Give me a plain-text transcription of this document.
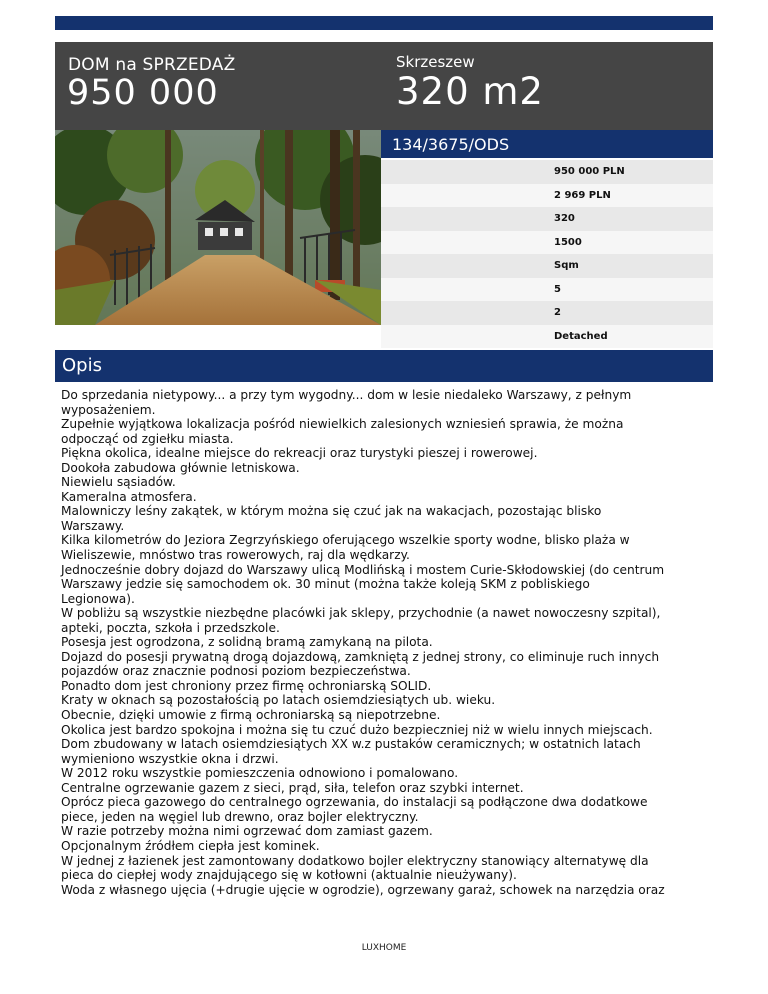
DOM na SPRZEDAŻ
950 000
Skrzeszew
320 m2
134/3675/ODS
950 000 PLN
2 969 PLN
320
1500
Sqm
5
2
Detached
Opis
Do sprzedania nietypowy... a przy tym wygodny... dom w lesie niedaleko Warszawy, z pełnym
wyposażeniem.
Zupełnie wyjątkowa lokalizacja pośród niewielkich zalesionych wzniesień sprawia, że można
odpocząć od zgiełku miasta.
Piękna okolica, idealne miejsce do rekreacji oraz turystyki pieszej i rowerowej.
Dookoła zabudowa głównie letniskowa.
Niewielu sąsiadów.
Kameralna atmosfera.
Malowniczy leśny zakątek, w którym można się czuć jak na wakacjach, pozostając blisko
Warszawy.
Kilka kilometrów do Jeziora Zegrzyńskiego oferującego wszelkie sporty wodne, blisko plaża w
Wieliszewie, mnóstwo tras rowerowych, raj dla wędkarzy.
Jednocześnie dobry dojazd do Warszawy ulicą Modlińską i mostem Curie-Skłodowskiej (do centrum
Warszawy jedzie się samochodem ok. 30 minut (można także koleją SKM z pobliskiego
Legionowa).
W pobliżu są wszystkie niezbędne placówki jak sklepy, przychodnie (a nawet nowoczesny szpital),
apteki, poczta, szkoła i przedszkole.
Posesja jest ogrodzona, z solidną bramą zamykaną na pilota.
Dojazd do posesji prywatną drogą dojazdową, zamkniętą z jednej strony, co eliminuje ruch innych
pojazdów oraz znacznie podnosi poziom bezpieczeństwa.
Ponadto dom jest chroniony przez firmę ochroniarską SOLID.
Kraty w oknach są pozostałością po latach osiemdziesiątych ub. wieku.
Obecnie, dzięki umowie z firmą ochroniarską są niepotrzebne.
Okolica jest bardzo spokojna i można się tu czuć dużo bezpieczniej niż w wielu innych miejscach.
Dom zbudowany w latach osiemdziesiątych XX w.z pustaków ceramicznych; w ostatnich latach
wymieniono wszystkie okna i drzwi.
W 2012 roku wszystkie pomieszczenia odnowiono i pomalowano.
Centralne ogrzewanie gazem z sieci, prąd, siła, telefon oraz szybki internet.
Oprócz pieca gazowego do centralnego ogrzewania, do instalacji są podłączone dwa dodatkowe
piece, jeden na węgiel lub drewno, oraz bojler elektryczny.
W razie potrzeby można nimi ogrzewać dom zamiast gazem.
Opcjonalnym źródłem ciepła jest kominek.
W jednej z łazienek jest zamontowany dodatkowo bojler elektryczny stanowiący alternatywę dla
pieca do ciepłej wody znajdującego się w kotłowni (aktualnie nieużywany).
Woda z własnego ujęcia (+drugie ujęcie w ogrodzie), ogrzewany garaż, schowek na narzędzia oraz
LUXHOME
